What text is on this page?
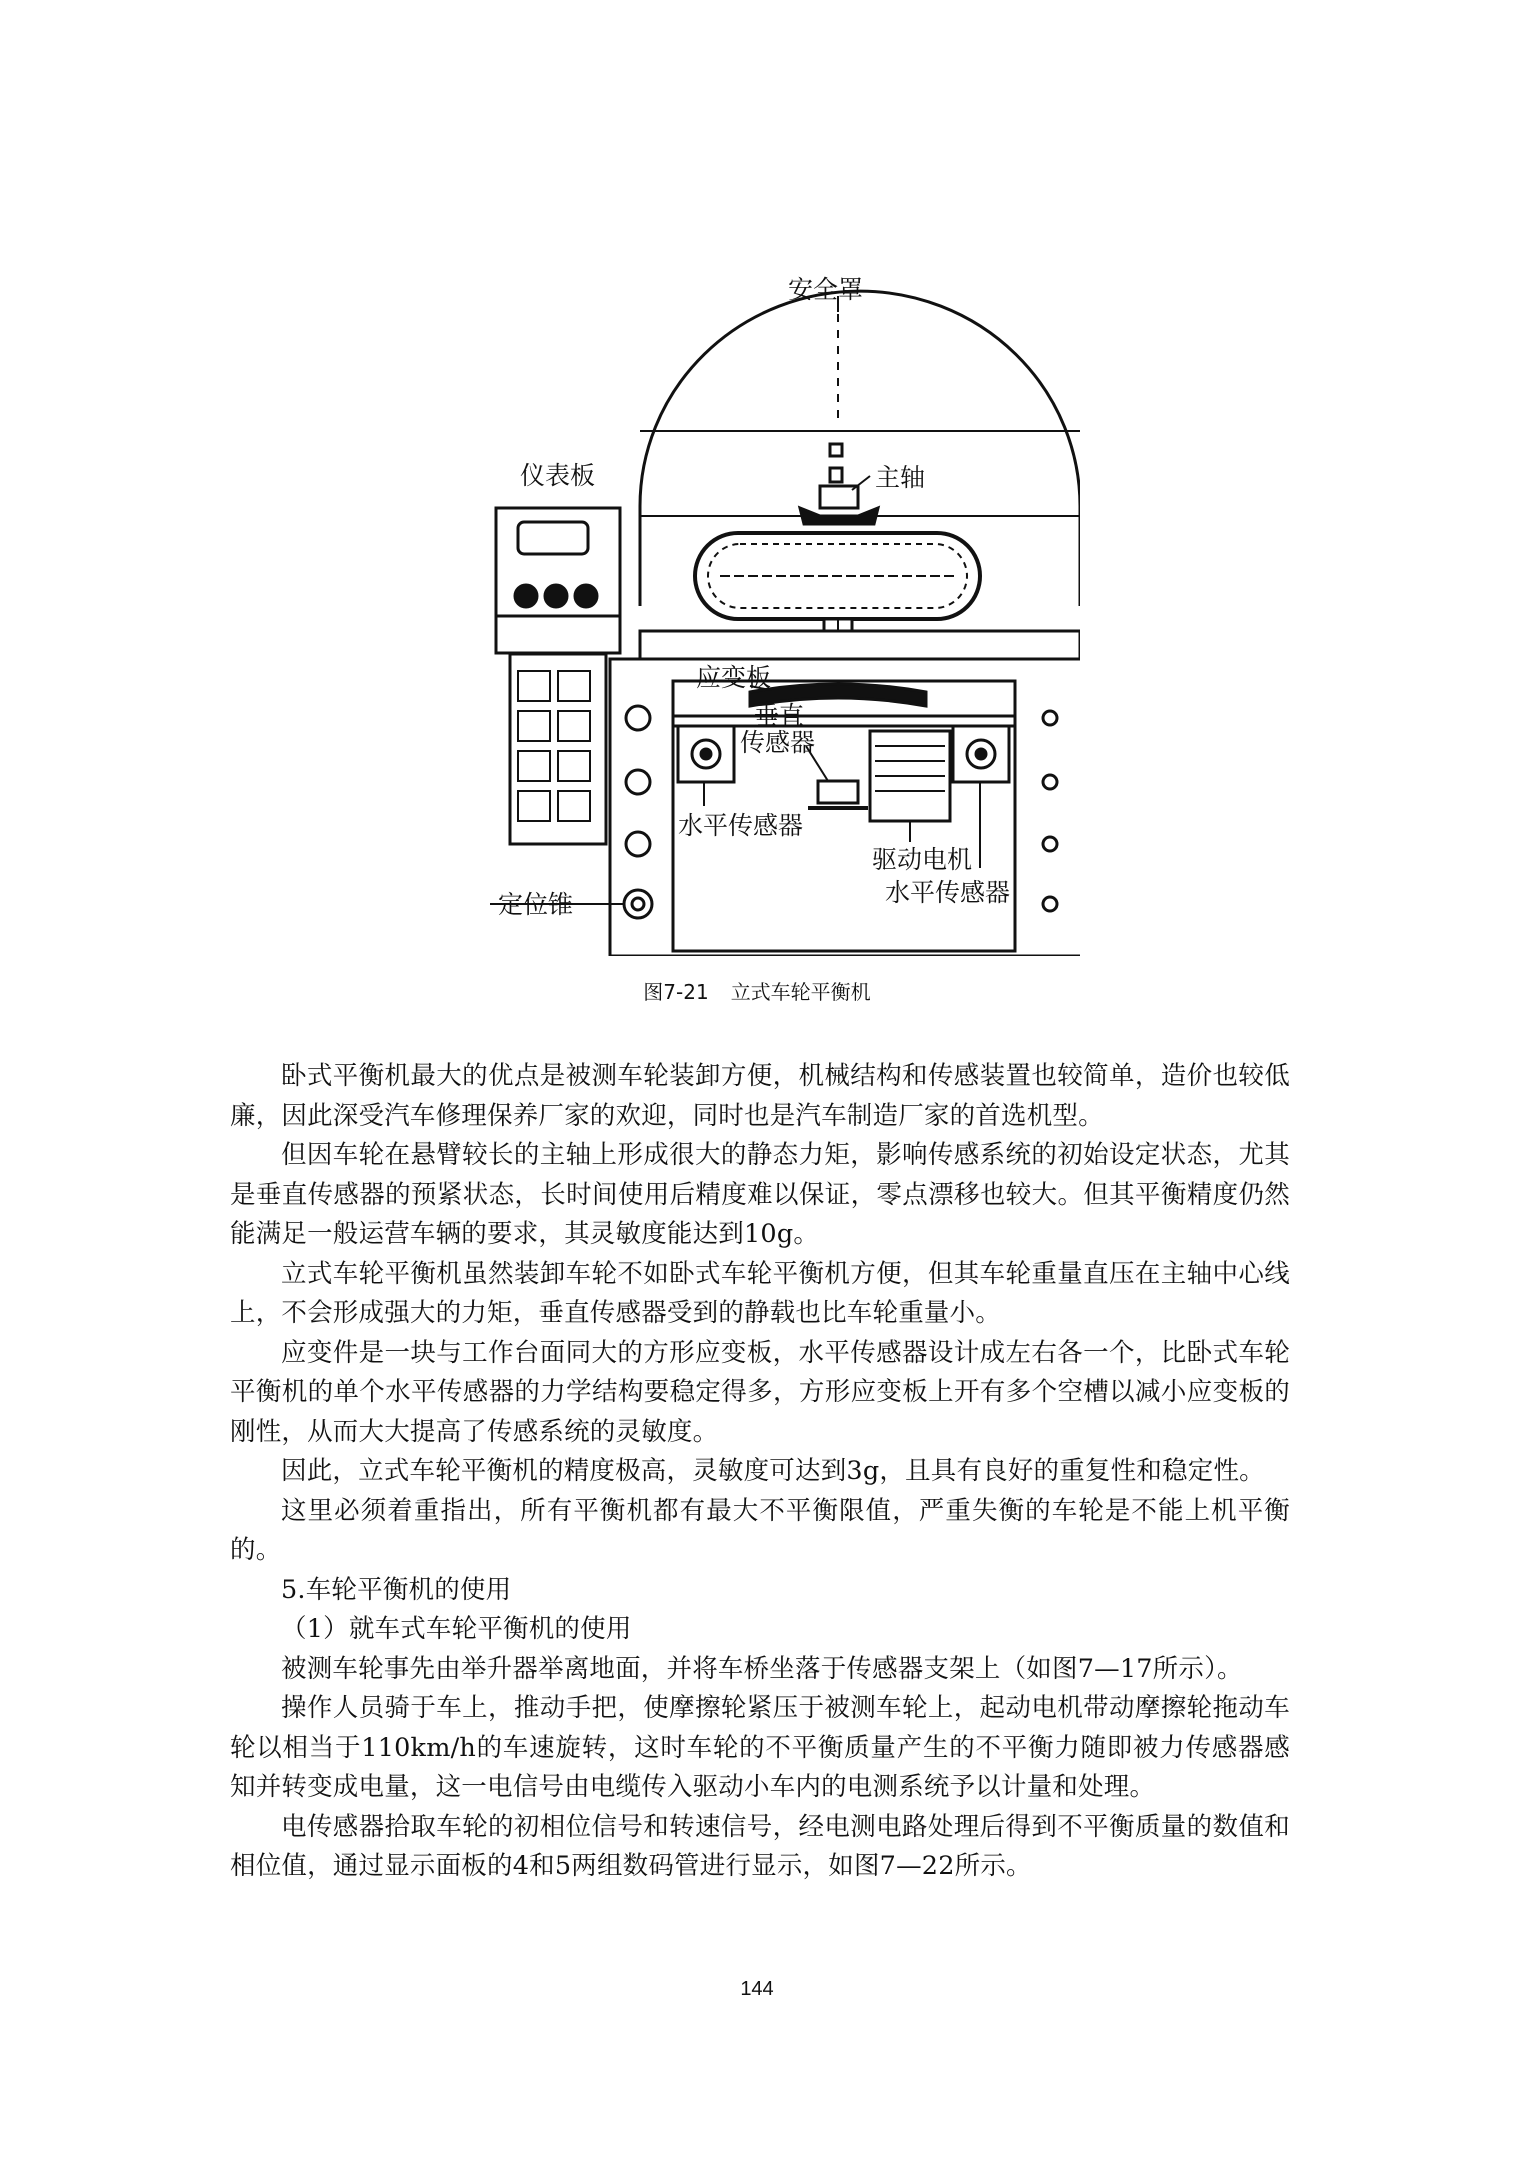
安全罩
主轴
仪表板
应变板
垂直
传感器
水平传感器
驱动电机
水平传感器
定位锥
图7-21 立式车轮平衡机

卧式平衡机最大的优点是被测车轮装卸方便，机械结构和传感装置也较简单，造价也较低廉，因此深受汽车修理保养厂家的欢迎，同时也是汽车制造厂家的首选机型。

但因车轮在悬臂较长的主轴上形成很大的静态力矩，影响传感系统的初始设定状态，尤其是垂直传感器的预紧状态，长时间使用后精度难以保证，零点漂移也较大。但其平衡精度仍然能满足一般运营车辆的要求，其灵敏度能达到10g。

立式车轮平衡机虽然装卸车轮不如卧式车轮平衡机方便，但其车轮重量直压在主轴中心线上，不会形成强大的力矩，垂直传感器受到的静载也比车轮重量小。

应变件是一块与工作台面同大的方形应变板，水平传感器设计成左右各一个，比卧式车轮平衡机的单个水平传感器的力学结构要稳定得多，方形应变板上开有多个空槽以减小应变板的刚性，从而大大提高了传感系统的灵敏度。

因此，立式车轮平衡机的精度极高，灵敏度可达到3g，且具有良好的重复性和稳定性。

这里必须着重指出，所有平衡机都有最大不平衡限值，严重失衡的车轮是不能上机平衡的。

5.车轮平衡机的使用

（1）就车式车轮平衡机的使用

被测车轮事先由举升器举离地面，并将车桥坐落于传感器支架上（如图7—17所示）。

操作人员骑于车上，推动手把，使摩擦轮紧压于被测车轮上，起动电机带动摩擦轮拖动车轮以相当于110km/h的车速旋转，这时车轮的不平衡质量产生的不平衡力随即被力传感器感知并转变成电量，这一电信号由电缆传入驱动小车内的电测系统予以计量和处理。

电传感器拾取车轮的初相位信号和转速信号，经电测电路处理后得到不平衡质量的数值和相位值，通过显示面板的4和5两组数码管进行显示，如图7—22所示。

144
